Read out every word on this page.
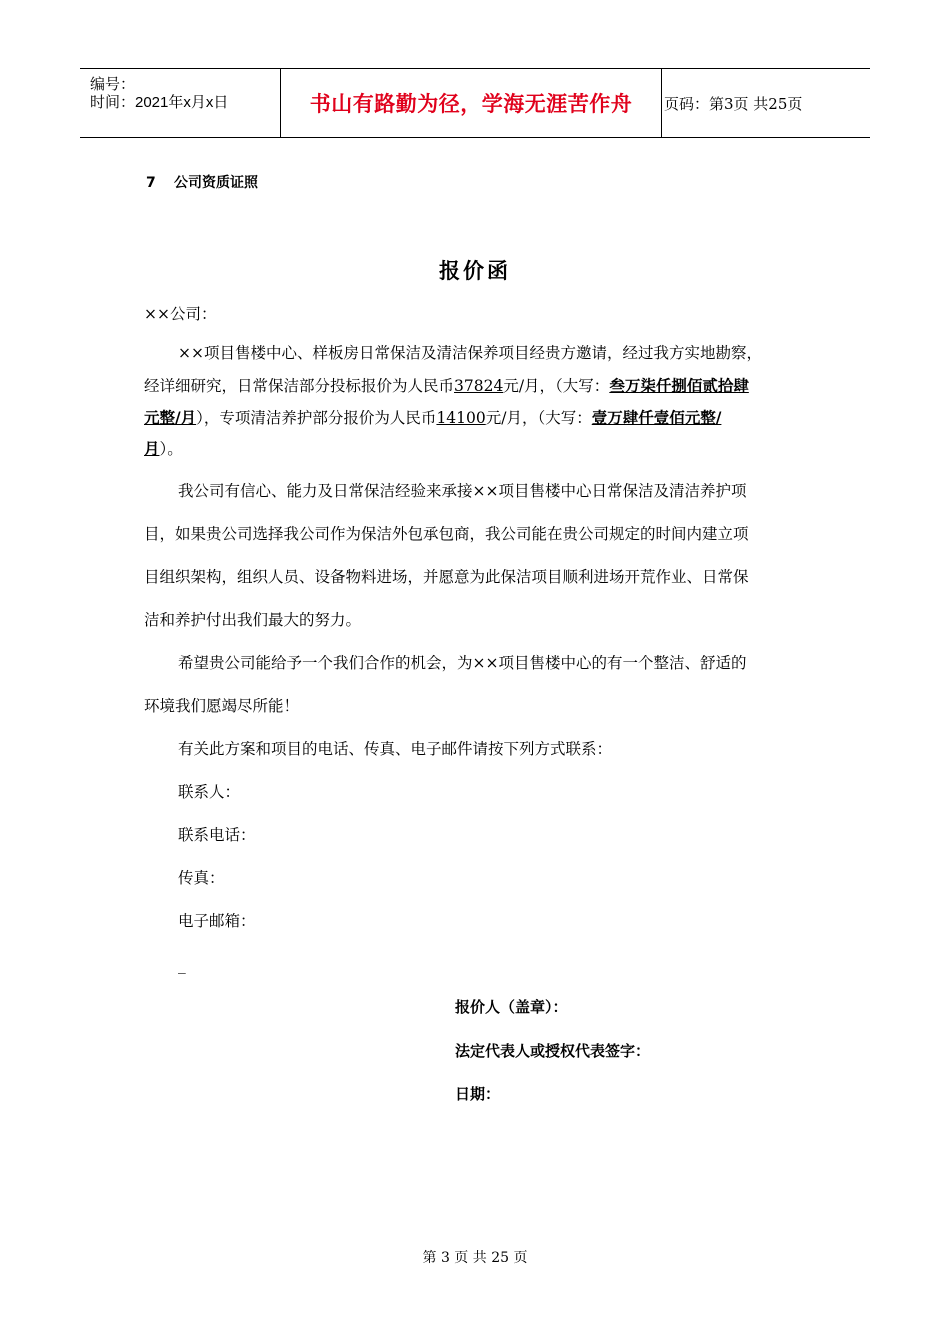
编号：
时间：2021年x月x日	书山有路勤为径，学海无涯苦作舟	页码：第3页 共25页
7 公司资质证照
报价函
××公司：
××项目售楼中心、样板房日常保洁及清洁保养项目经贵方邀请，经过我方实地勘察，
经详细研究，日常保洁部分投标报价为人民币37824元/月，（大写：叁万柒仟捌佰贰拾肆
元整/月），专项清洁养护部分报价为人民币14100元/月，（大写：壹万肆仟壹佰元整/
月）。
我公司有信心、能力及日常保洁经验来承接××项目售楼中心日常保洁及清洁养护项
目，如果贵公司选择我公司作为保洁外包承包商，我公司能在贵公司规定的时间内建立项
目组织架构，组织人员、设备物料进场，并愿意为此保洁项目顺利进场开荒作业、日常保
洁和养护付出我们最大的努力。
希望贵公司能给予一个我们合作的机会，为××项目售楼中心的有一个整洁、舒适的
环境我们愿竭尽所能！
有关此方案和项目的电话、传真、电子邮件请按下列方式联系：
联系人：
联系电话：
传真：
电子邮箱：
_
报价人（盖章）：
法定代表人或授权代表签字：
日期：
第 3 页 共 25 页
